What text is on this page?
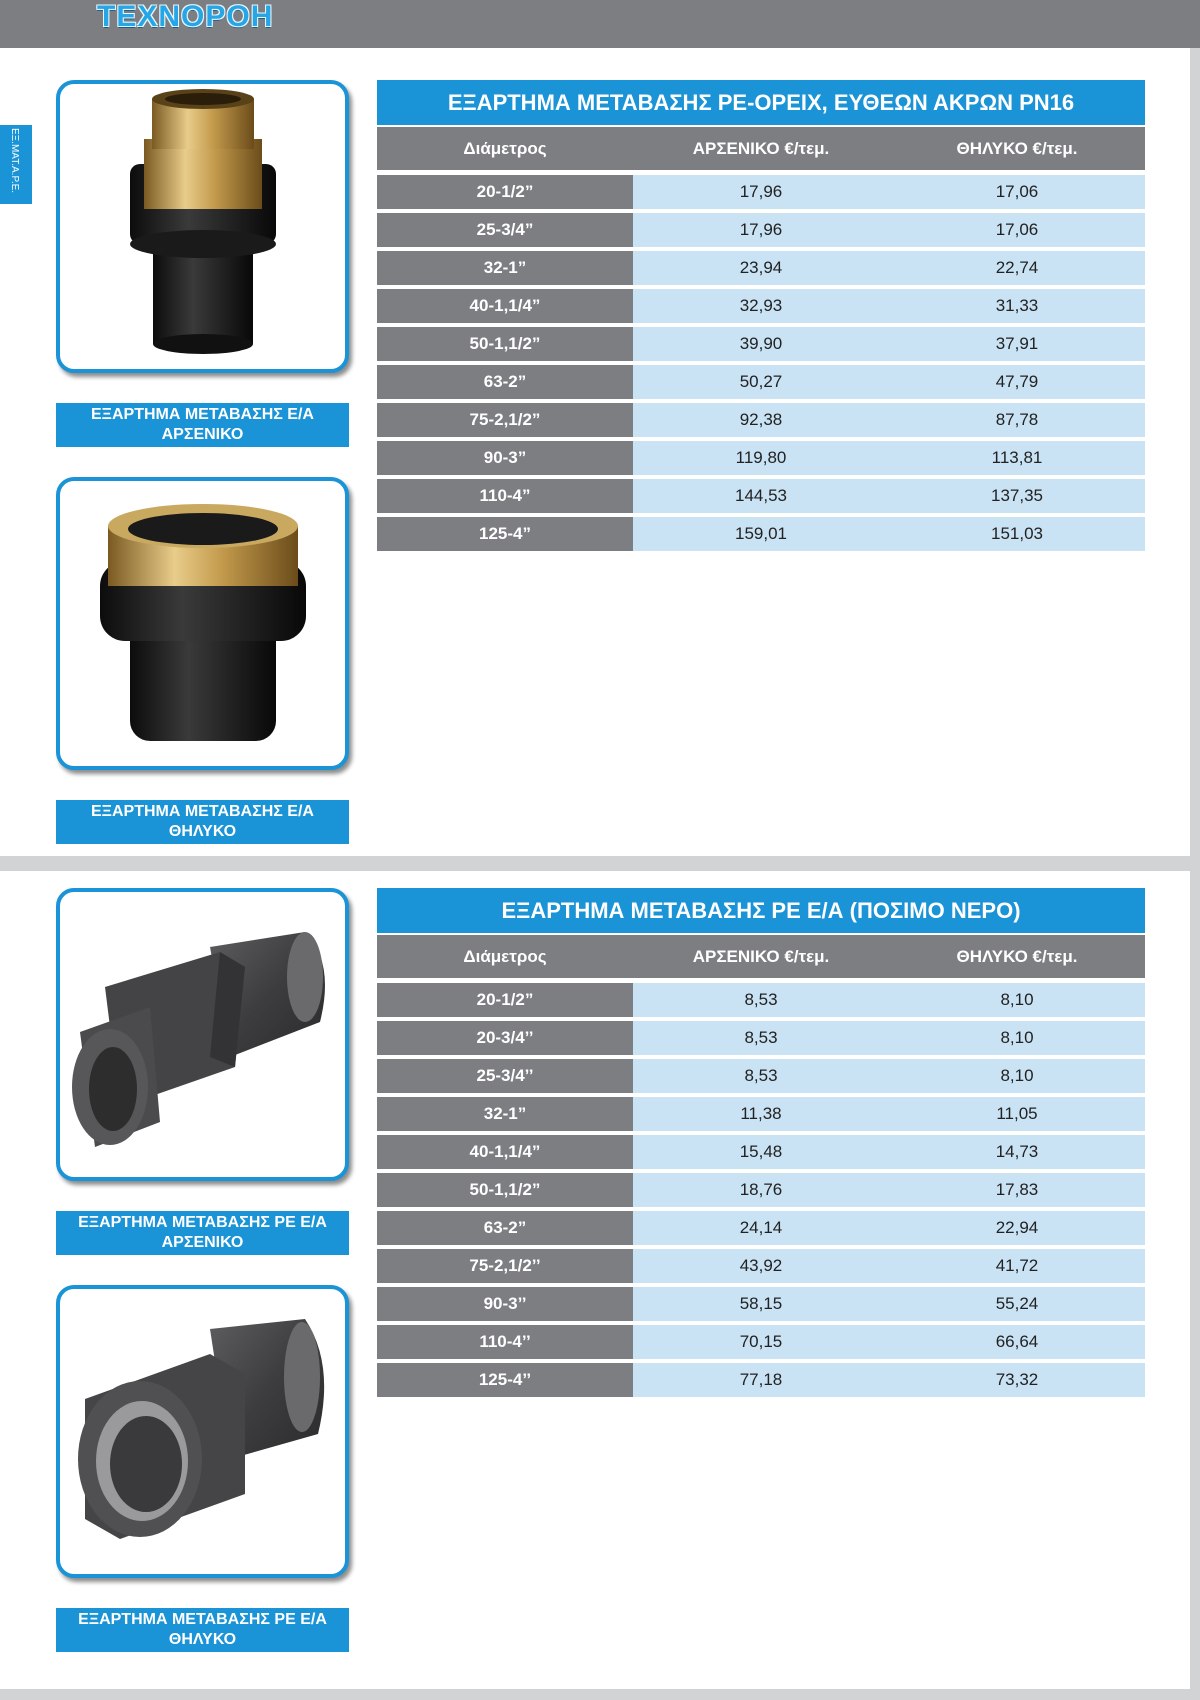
ΤΕΧΝΟΡΟΗ
ΕΞ.ΜΑΤ.Α.Ρ.Ε.
ΕΞΑΡΤΗΜΑ ΜΕΤΑΒΑΣΗΣ Ε/Α
ΑΡΣΕΝΙΚΟ
ΕΞΑΡΤΗΜΑ ΜΕΤΑΒΑΣΗΣ Ε/Α
ΘΗΛΥΚΟ
ΕΞΑΡΤΗΜΑ ΜΕΤΑΒΑΣΗΣ ΡΕ-ΟΡΕΙΧ, ΕΥΘΕΩΝ ΑΚΡΩΝ ΡΝ16
Διάμετρος	ΑΡΣΕΝΙΚΟ €/τεμ.	ΘΗΛΥΚΟ €/τεμ.
20-1/2”	17,96	17,06
25-3/4”	17,96	17,06
32-1”	23,94	22,74
40-1,1/4”	32,93	31,33
50-1,1/2”	39,90	37,91
63-2”	50,27	47,79
75-2,1/2”	92,38	87,78
90-3”	119,80	113,81
110-4”	144,53	137,35
125-4”	159,01	151,03
ΕΞΑΡΤΗΜΑ ΜΕΤΑΒΑΣΗΣ ΡΕ Ε/Α
ΑΡΣΕΝΙΚΟ
ΕΞΑΡΤΗΜΑ ΜΕΤΑΒΑΣΗΣ ΡΕ Ε/Α
ΘΗΛΥΚΟ
ΕΞΑΡΤΗΜΑ ΜΕΤΑΒΑΣΗΣ ΡΕ Ε/Α (ΠΟΣΙΜΟ ΝΕΡΟ)
Διάμετρος	ΑΡΣΕΝΙΚΟ €/τεμ.	ΘΗΛΥΚΟ €/τεμ.
20-1/2”	8,53	8,10
20-3/4’’	8,53	8,10
25-3/4’’	8,53	8,10
32-1”	11,38	11,05
40-1,1/4”	15,48	14,73
50-1,1/2”	18,76	17,83
63-2”	24,14	22,94
75-2,1/2’’	43,92	41,72
90-3’’	58,15	55,24
110-4’’	70,15	66,64
125-4’’	77,18	73,32
